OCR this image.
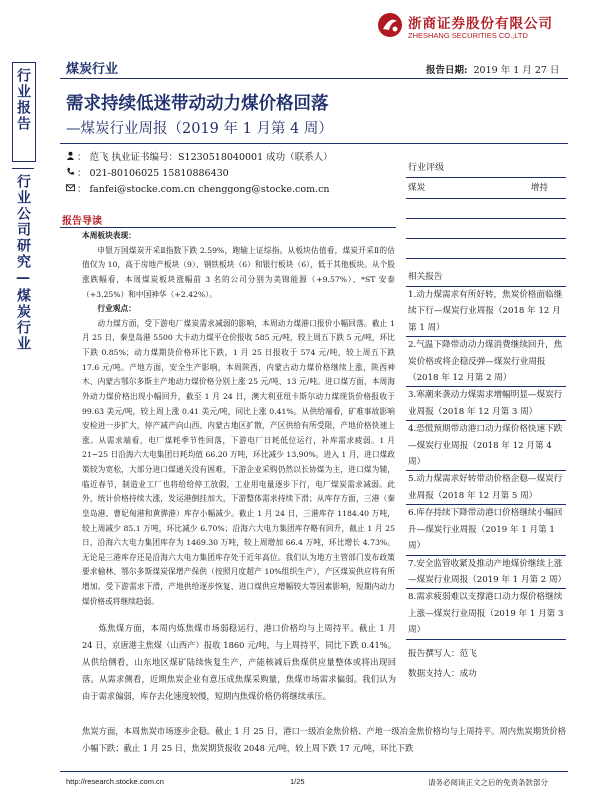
浙商证券股份有限公司
ZHESHANG SECURITIES CO.,LTD
煤炭行业	报告日期: 2019 年 1 月 27 日
行业报告
行业公司研究—煤炭行业
需求持续低迷带动动力煤价格回落
—煤炭行业周报（2019 年 1 月第 4 周）
： 范飞 执业证书编号：S1230518040001 成功（联系人）
： 021-80106025 15810886430
： fanfei@stocke.com.cn chenggong@stocke.com.cn
行业评级
煤炭	增持
相关报告
1.动力煤需求有所好转，焦炭价格面临继续下行—煤炭行业周报（2018 年 12 月第 1 周）
2.气温下降带动动力煤消费继续回升，焦炭价格或将企稳反弹—煤炭行业周报（2018 年 12 月第 2 周）
3.寒潮来袭动力煤需求增幅明显—煤炭行业周报（2018 年 12 月第 3 周）
4.恐慌预期带动港口动力煤价格快速下跌—煤炭行业周报（2018 年 12 月第 4 周）
5.动力煤需求好转带动价格企稳—煤炭行业周报（2018 年 12 月第 5 周）
6.库存持续下降带动港口价格继续小幅回升—煤炭行业周报（2019 年 1 月第 1 周）
7.安全监管收紧及推动产地煤价继续上涨—煤炭行业周报（2019 年 1 月第 2 周）
8.需求疲弱难以支撑港口动力煤价格继续上涨—煤炭行业周报（2019 年 1 月第 3 周）
报告撰写人：范飞
数据支持人：成功
报告导读

本周板块表现：

申银万国煤炭开采Ⅱ指数下跌 2.59%，跑输上证综指。从板块估值看，煤炭开采Ⅱ的估值仅为 10，高于房地产板块（9）、钢铁板块（6）和银行板块（6），低于其他板块。从个股涨跌幅看，本周煤炭板块涨幅前 3 名的公司分别为美锦能源（+9.57%）、*ST 安泰（+3.25%）和中国神华（+2.42%）。

行业观点：

动力煤方面，受下游电厂煤炭需求减弱的影响，本周动力煤港口报价小幅回落。截止 1 月 25 日，秦皇岛港 5500 大卡动力煤平仓价报收 585 元/吨，较上周五下跌 5 元/吨，环比下跌 0.85%；动力煤期货价格环比下跌，1 月 25 日报收于 574 元/吨，较上周五下跌 17.6 元/吨。产地方面，安全生产影响，本周陕西，内蒙古动力煤价格继续上涨，陕西神木、内蒙古鄂尔多斯主产地动力煤价格分别上涨 25 元/吨、13 元/吨。进口煤方面，本周海外动力煤价格出现小幅回升，截至 1 月 24 日，澳大利亚纽卡斯尔动力煤现货价格报收于 99.63 美元/吨，较上周上涨 0.41 美元/吨，同比上涨 0.41%。从供给端看，矿难事故影响安检进一步扩大，停产减产向山西、内蒙古地区扩散，产区供给有所受限，产地价格快速上涨。从需求端看，电厂煤耗季节性回落，下游电厂日耗低位运行，补库需求疲弱。1 月 21~25 日沿海六大电集团日耗均值 66.20 万吨，环比减少 13.90%。进入 1 月，进口煤政策较为宽松，大部分进口煤通关没有困难，下游企业采购仍然以长协煤为主，进口煤为辅，临近春节，制造业工厂也将给给停工放假，工业用电量逐步下行，电厂煤炭需求减弱。此外，统计价格持续大涨，发运港倒挂加大，下游整体需求持续下滑；从库存方面，三港（秦皇岛港、曹妃甸港和黄骅港）库存小幅减少。截止 1 月 24 日，三港库存 1184.40 万吨，较上周减少 85.1 万吨，环比减少 6.70%；沿海六大电力集团库存略有回升，截止 1 月 25 日，沿海六大电力集团库存为 1469.30 万吨，较上周增加 66.4 万吨，环比增长 4.73%。无论是三港库存还是沿海六大电力集团库存处于近年高位。我们认为地方主管部门发布政策要求榆林、鄂尔多斯煤炭保增产保供（按照月度超产 10%组织生产），产区煤炭供应将有所增加。受下游需求下滑，产地供给逐步恢复、进口煤供应增幅较大等因素影响，短期内动力煤价格或将继续趋弱。

炼焦煤方面，本周内炼焦煤市场弱稳运行，港口价格均与上周持平。截止 1 月 24 日，京唐港主焦煤（山西产）报收 1860 元/吨，与上周持平，同比下跌 0.41%。从供给侧看，山东地区煤矿陆续恢复生产，产能核减后焦煤供应量整体或将出现回落。从需求侧看，近期焦炭企业有意压成焦煤采购量，焦煤市场需求偏弱。我们认为由于需求偏弱，库存去化速度较慢，短期内焦煤价格仍将继续承压。

焦炭方面，本周焦炭市场逐步企稳。截止 1 月 25 日，港口一级冶金焦价格、产地一级冶金焦价格均与上周持平。周内焦炭期货价格小幅下跌；截止 1 月 25 日，焦炭期货报收 2048 元/吨，较上周下跌 17 元/吨，环比下跌

http://research.stocke.com.cn	1/25	请务必阅读正文之后的免责条款部分
